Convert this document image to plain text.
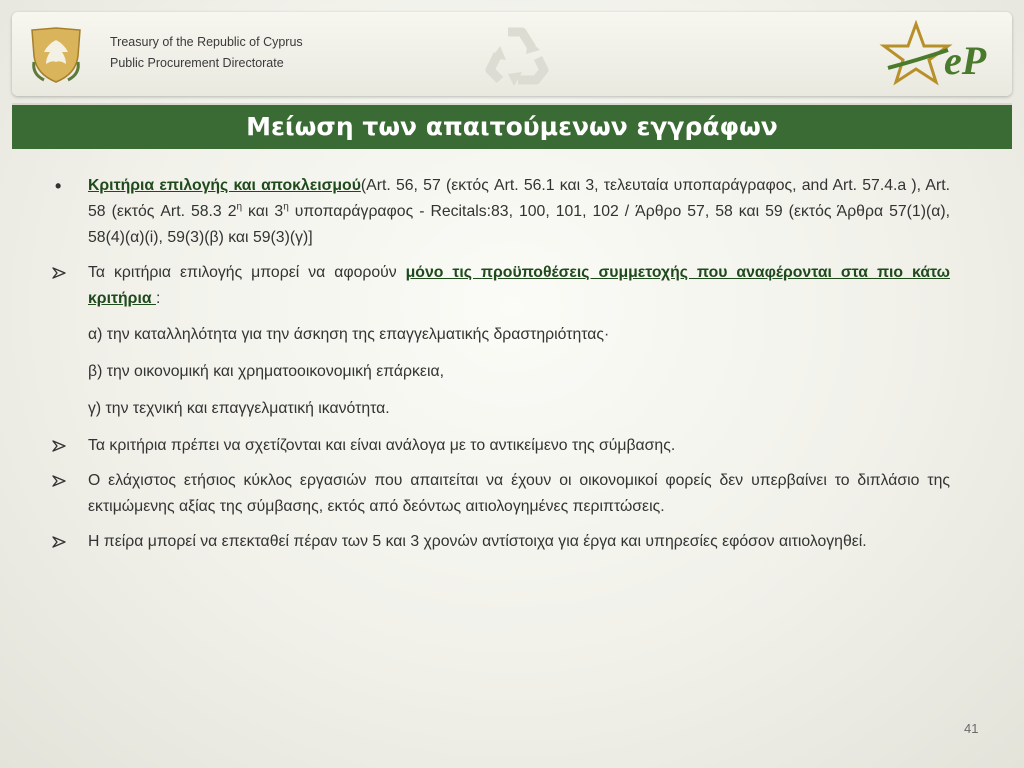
Treasury of the Republic of Cyprus
Public Procurement Directorate	eP
Μείωση των απαιτούμενων εγγράφων
•	Κριτήρια επιλογής και αποκλεισμού(Art. 56, 57 (εκτός Art. 56.1 και 3, τελευταία υποπαράγραφος, and Art. 57.4.a ), Art. 58 (εκτός Art. 58.3 $2^\eta$ και $3^\eta$ υποπαράγραφος - Recitals:83, 100, 101, 102 / Άρθρο 57, 58 και 59 (εκτός Άρθρα 57(1)(α), 58(4)(α)(i), 59(3)(β) και 59(3)(γ)]
Τα κριτήρια επιλογής μπορεί να αφορούν μόνο τις προϋποθέσεις συμμετοχής που αναφέρονται στα πιο κάτω κριτήρια :
α) την καταλληλότητα για την άσκηση της επαγγελματικής δραστηριότητας·
β) την οικονομική και χρηματοοικονομική επάρκεια,
γ) την τεχνική και επαγγελματική ικανότητα.
Τα κριτήρια πρέπει να σχετίζονται και είναι ανάλογα με το αντικείμενο της σύμβασης.
Ο ελάχιστος ετήσιος κύκλος εργασιών που απαιτείται να έχουν οι οικονομικοί φορείς δεν υπερβαίνει το διπλάσιο της εκτιμώμενης αξίας της σύμβασης, εκτός από δεόντως αιτιολογημένες περιπτώσεις.
Η πείρα μπορεί να επεκταθεί πέραν των 5 και 3 χρονών αντίστοιχα για έργα και υπηρεσίες εφόσον αιτιολογηθεί.
41
